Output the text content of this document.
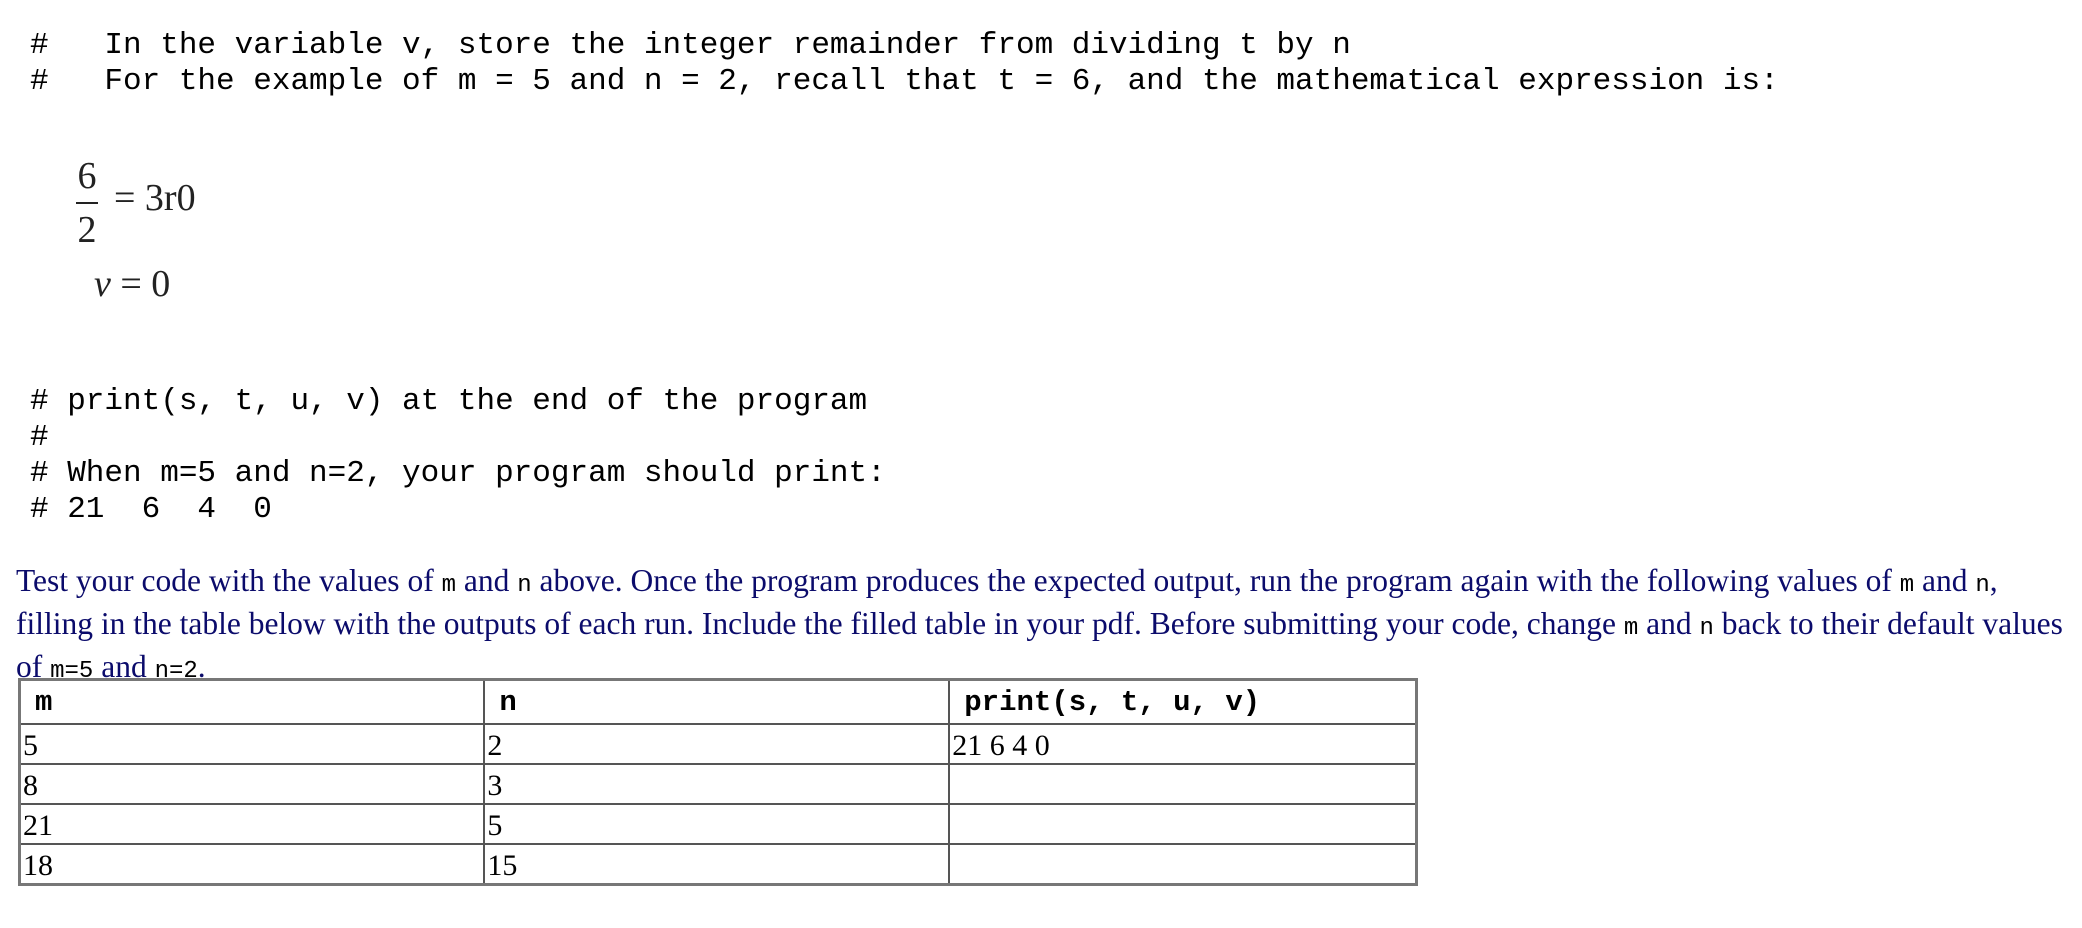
#   In the variable v, store the integer remainder from dividing t by n
#   For the example of m = 5 and n = 2, recall that t = 6, and the mathematical expression is:
6
2
= 3r0
v = 0
# print(s, t, u, v) at the end of the program
#
# When m=5 and n=2, your program should print:
# 21  6  4  0
Test your code with the values of m and n above. Once the program produces the expected output, run the program again with the following values of m and n, filling in the table below with the outputs of each run. Include the filled table in your pdf. Before submitting your code, change m and n back to their default values of m=5 and n=2.
m	n	print(s, t, u, v)
5	2	21 6 4 0
8	3	
21	5	
18	15	
